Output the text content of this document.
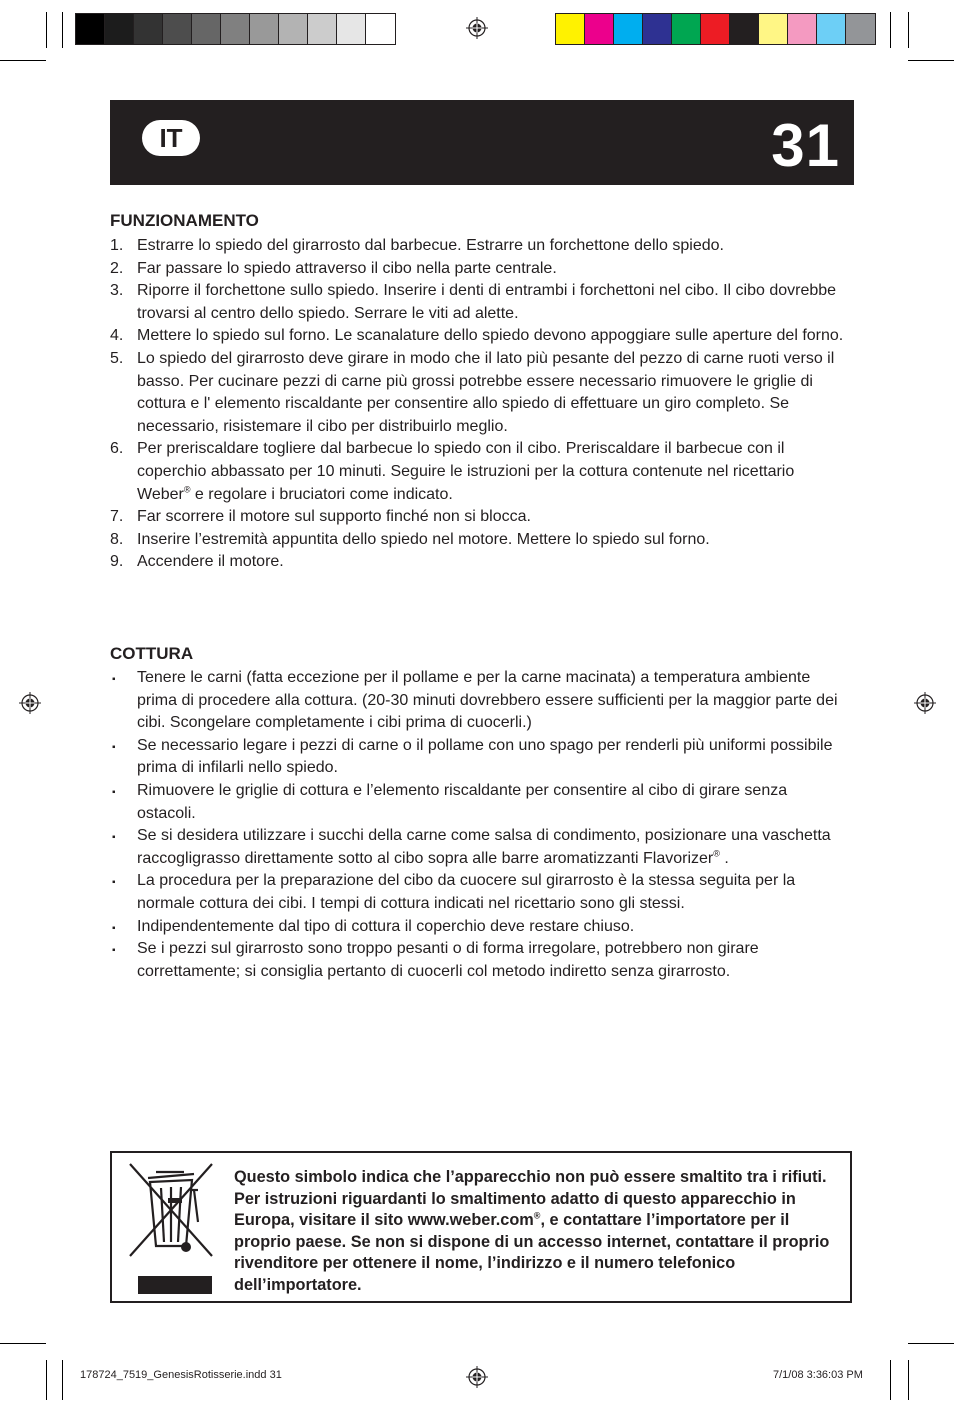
IT	31
FUNZIONAMENTO
1. Estrarre lo spiedo del girarrosto dal barbecue. Estrarre un forchettone dello spiedo.
2. Far passare lo spiedo attraverso il cibo nella parte centrale.
3. Riporre il forchettone sullo spiedo. Inserire i denti di entrambi i forchettoni nel cibo. Il cibo dovrebbe trovarsi al centro dello spiedo. Serrare le viti ad alette.
4. Mettere lo spiedo sul forno. Le scanalature dello spiedo devono appoggiare sulle aperture del forno.
5. Lo spiedo del girarrosto deve girare in modo che il lato più pesante del pezzo di carne ruoti verso il basso. Per cucinare pezzi di carne più grossi potrebbe essere necessario rimuovere le griglie di cottura e l' elemento riscaldante per consentire allo spiedo di effettuare un giro completo. Se necessario, risistemare il cibo per distribuirlo meglio.
6. Per preriscaldare togliere dal barbecue lo spiedo con il cibo. Preriscaldare il barbecue con il coperchio abbassato per 10 minuti. Seguire le istruzioni per la cottura contenute nel ricettario Weber® e regolare i bruciatori come indicato.
7. Far scorrere il motore sul supporto finché non si blocca.
8. Inserire l’estremità appuntita dello spiedo nel motore. Mettere lo spiedo sul forno.
9. Accendere il motore.
COTTURA
▪ Tenere le carni (fatta eccezione per il pollame e per la carne macinata) a temperatura ambiente prima di procedere alla cottura. (20-30 minuti dovrebbero essere sufficienti per la maggior parte dei cibi. Scongelare completamente i cibi prima di cuocerli.)
▪ Se necessario legare i pezzi di carne o il pollame con uno spago per renderli più uniformi possibile prima di infilarli nello spiedo.
▪ Rimuovere le griglie di cottura e l’elemento riscaldante per consentire al cibo di girare senza ostacoli.
▪ Se si desidera utilizzare i succhi della carne come salsa di condimento, posizionare una vaschetta raccogligrasso direttamente sotto al cibo sopra alle barre aromatizzanti Flavorizer® .
▪ La procedura per la preparazione del cibo da cuocere sul girarrosto è la stessa seguita per la normale cottura dei cibi. I tempi di cottura indicati nel ricettario sono gli stessi.
▪ Indipendentemente dal tipo di cottura il coperchio deve restare chiuso.
▪ Se i pezzi sul girarrosto sono troppo pesanti o di forma irregolare, potrebbero non girare correttamente; si consiglia pertanto di cuocerli col metodo indiretto senza girarrosto.
Questo simbolo indica che l’apparecchio non può essere smaltito tra i rifiuti. Per istruzioni riguardanti lo smaltimento adatto di questo apparecchio in Europa, visitare il sito www.weber.com®, e contattare l’importatore per il proprio paese. Se non si dispone di un accesso internet, contattare il proprio rivenditore per ottenere il nome, l’indirizzo e il numero telefonico dell’importatore.
178724_7519_GenesisRotisserie.indd 31	7/1/08 3:36:03 PM
